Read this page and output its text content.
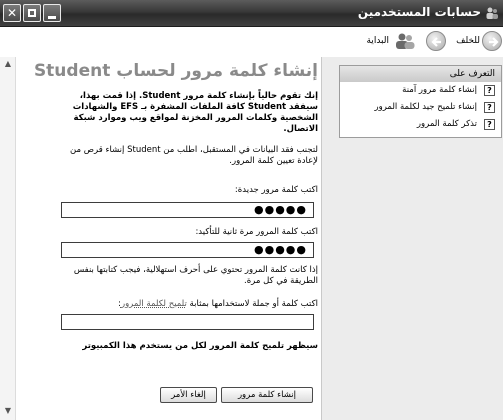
✕	حسابات المستخدمين
للخلف
البداية
▲
▼
إنشاء كلمة مرور لحساب Student
إنك تقوم حالياً بإنشاء كلمة مرور Student. إذا قمت بهذا، سيفقد Student كافة الملفات المشفرة بـ EFS والشهادات الشخصية وكلمات المرور المخزنة لمواقع ويب وموارد شبكة الاتصال.
لتجنب فقد البيانات في المستقبل، اطلب من Student إنشاء قرص من لإعادة تعيين كلمة المرور.
اكتب كلمة مرور جديدة:
اكتب كلمة المرور مرة ثانية للتأكيد:
إذا كانت كلمة المرور تحتوي على أحرف استهلالية، فيجب كتابتها بنفس الطريقة في كل مرة.
اكتب كلمة أو جملة لاستخدامها بمثابة تلميح لكلمة المرور:
سيظهر تلميح كلمة المرور لكل من يستخدم هذا الكمبيوتر
●●●●●
●●●●●
إنشاء كلمة مرور
إلغاء الأمر
التعرف على
?
إنشاء كلمة مرور آمنة
?
إنشاء تلميح جيد لكلمة المرور
?
تذكر كلمة المرور
